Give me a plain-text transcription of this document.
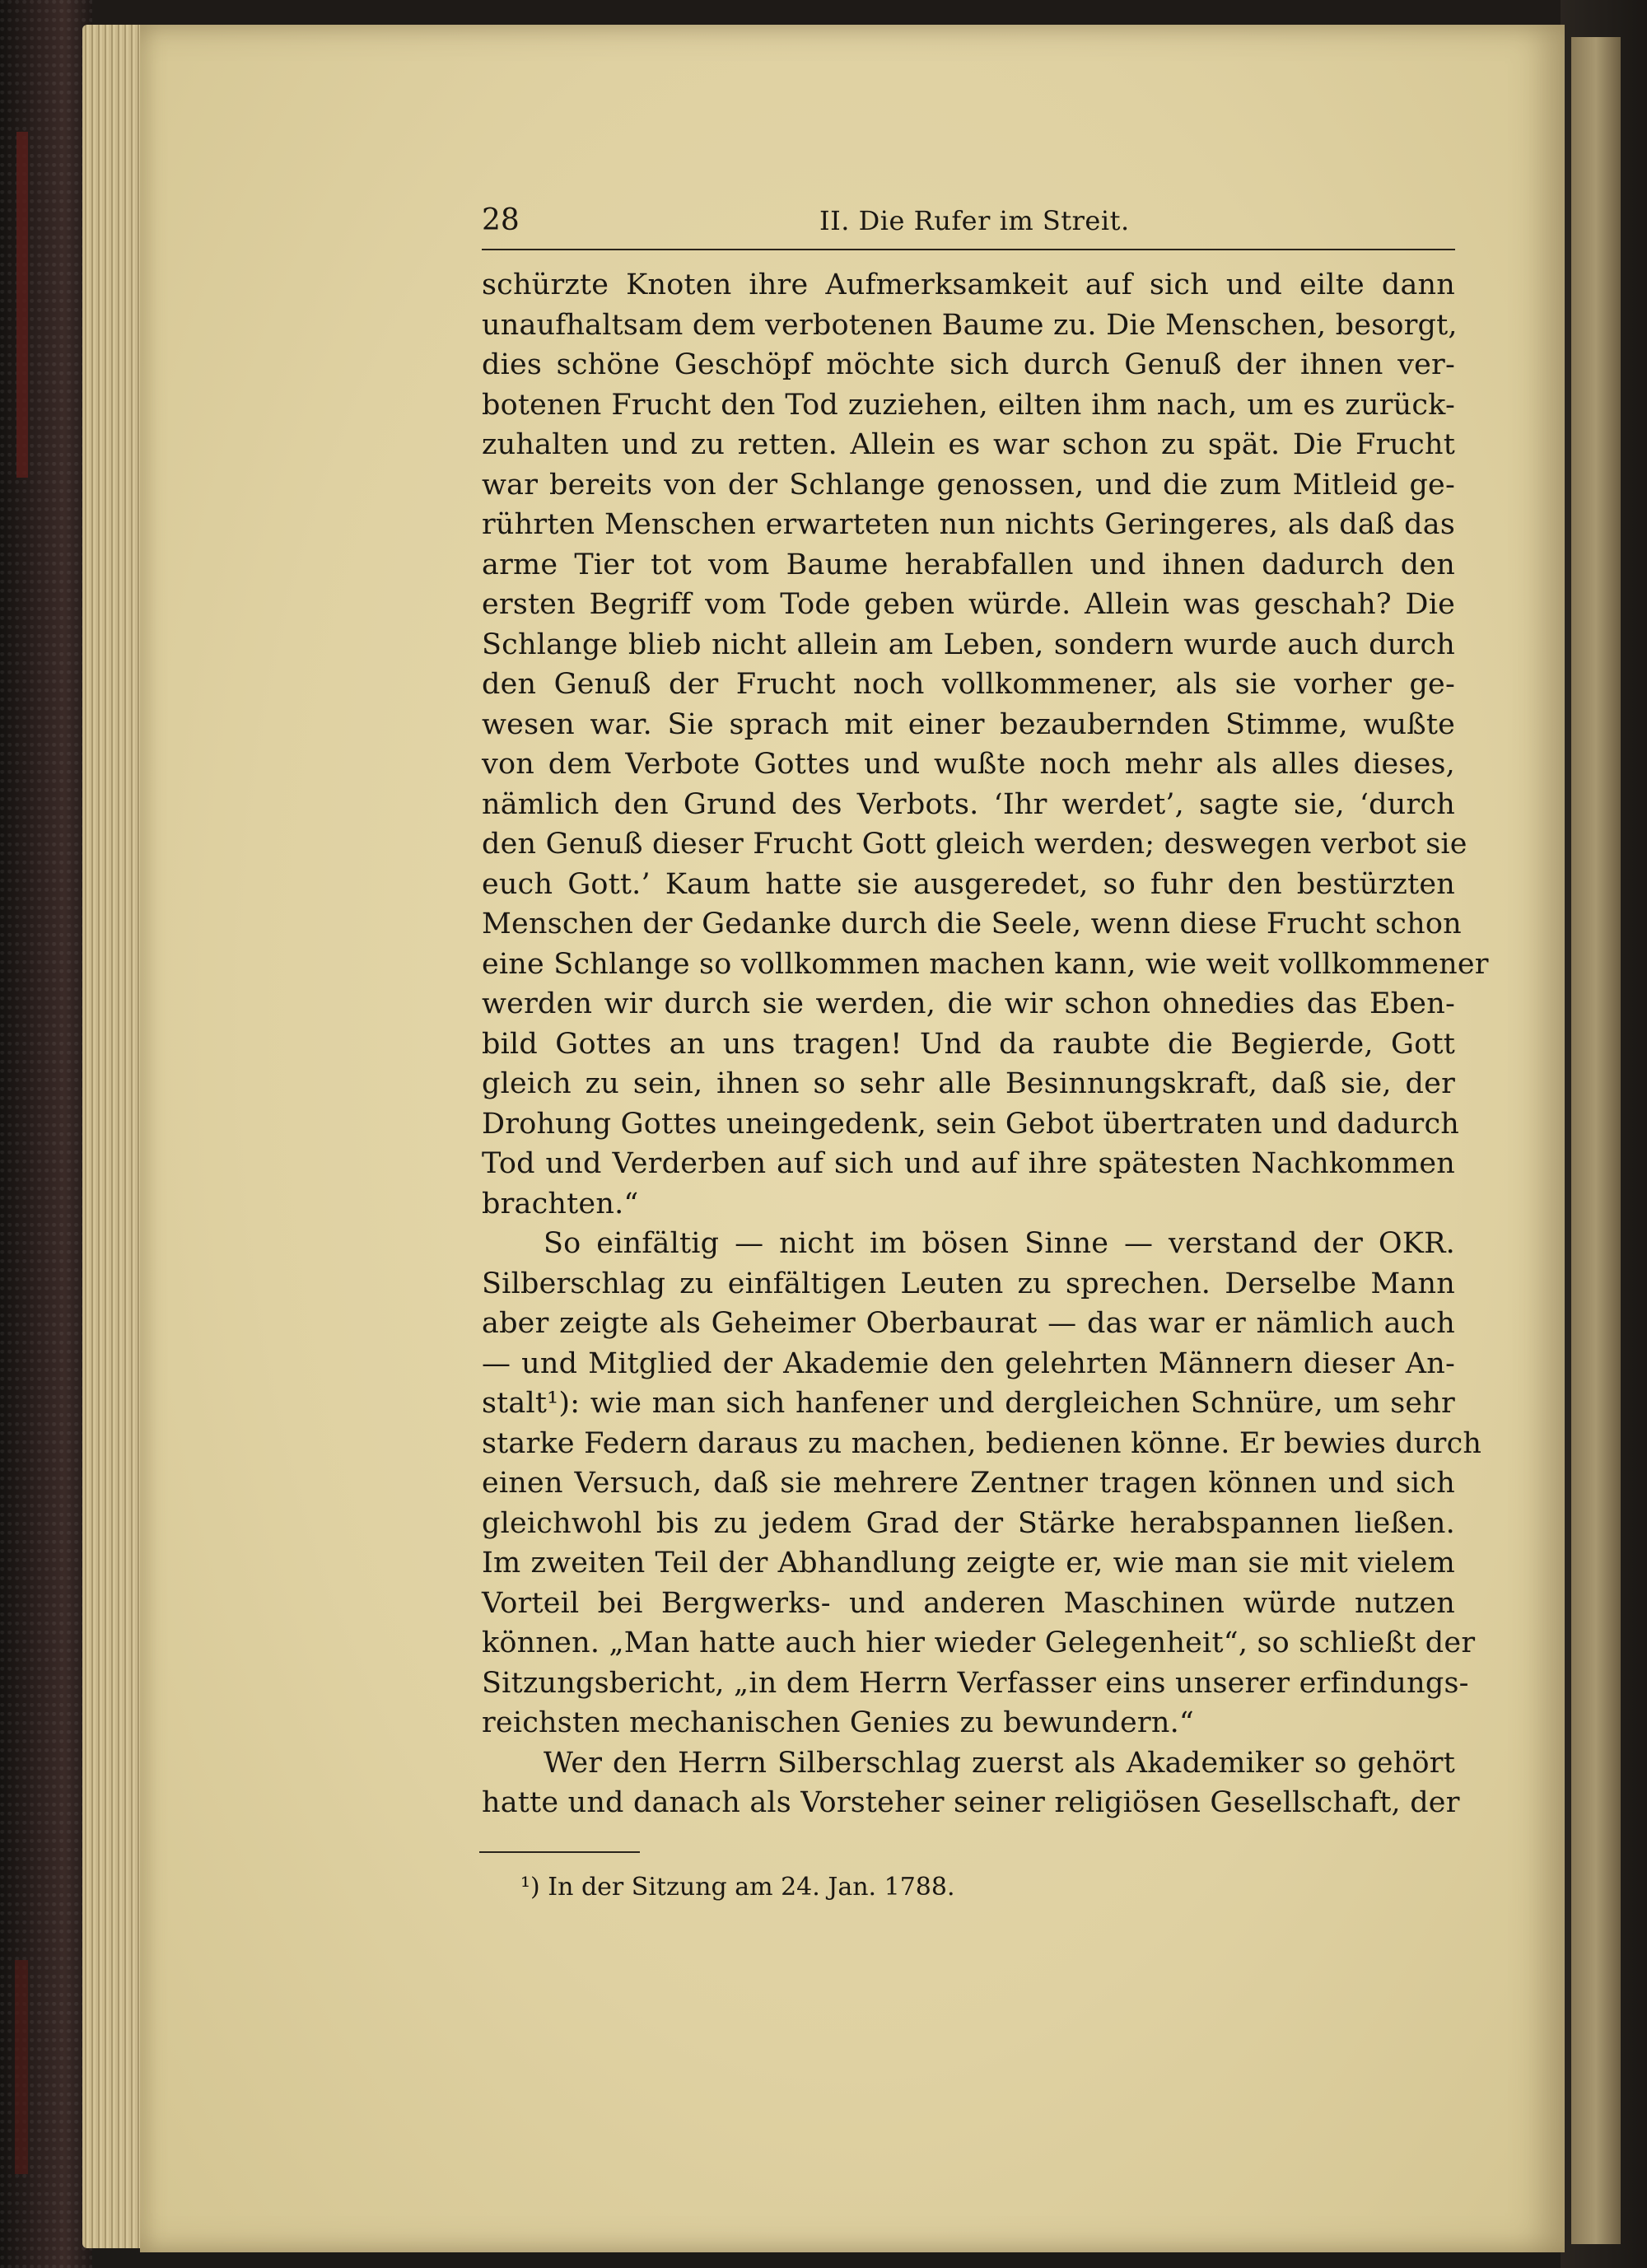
28	II. Die Rufer im Streit.
schürzte Knoten ihre Aufmerksamkeit auf sich und eilte dann
unaufhaltsam dem verbotenen Baume zu. Die Menschen, besorgt,
dies schöne Geschöpf möchte sich durch Genuß der ihnen ver-
botenen Frucht den Tod zuziehen, eilten ihm nach, um es zurück-
zuhalten und zu retten. Allein es war schon zu spät. Die Frucht
war bereits von der Schlange genossen, und die zum Mitleid ge-
rührten Menschen erwarteten nun nichts Geringeres, als daß das
arme Tier tot vom Baume herabfallen und ihnen dadurch den
ersten Begriff vom Tode geben würde. Allein was geschah? Die
Schlange blieb nicht allein am Leben, sondern wurde auch durch
den Genuß der Frucht noch vollkommener, als sie vorher ge-
wesen war. Sie sprach mit einer bezaubernden Stimme, wußte
von dem Verbote Gottes und wußte noch mehr als alles dieses,
nämlich den Grund des Verbots. ‘Ihr werdet’, sagte sie, ‘durch
den Genuß dieser Frucht Gott gleich werden; deswegen verbot sie
euch Gott.’ Kaum hatte sie ausgeredet, so fuhr den bestürzten
Menschen der Gedanke durch die Seele, wenn diese Frucht schon
eine Schlange so vollkommen machen kann, wie weit vollkommener
werden wir durch sie werden, die wir schon ohnedies das Eben-
bild Gottes an uns tragen! Und da raubte die Begierde, Gott
gleich zu sein, ihnen so sehr alle Besinnungskraft, daß sie, der
Drohung Gottes uneingedenk, sein Gebot übertraten und dadurch
Tod und Verderben auf sich und auf ihre spätesten Nachkommen
brachten.“
So einfältig — nicht im bösen Sinne — verstand der OKR.
Silberschlag zu einfältigen Leuten zu sprechen. Derselbe Mann
aber zeigte als Geheimer Oberbaurat — das war er nämlich auch
— und Mitglied der Akademie den gelehrten Männern dieser An-
stalt¹): wie man sich hanfener und dergleichen Schnüre, um sehr
starke Federn daraus zu machen, bedienen könne. Er bewies durch
einen Versuch, daß sie mehrere Zentner tragen können und sich
gleichwohl bis zu jedem Grad der Stärke herabspannen ließen.
Im zweiten Teil der Abhandlung zeigte er, wie man sie mit vielem
Vorteil bei Bergwerks- und anderen Maschinen würde nutzen
können. „Man hatte auch hier wieder Gelegenheit“, so schließt der
Sitzungsbericht, „in dem Herrn Verfasser eins unserer erfindungs-
reichsten mechanischen Genies zu bewundern.“
Wer den Herrn Silberschlag zuerst als Akademiker so gehört
hatte und danach als Vorsteher seiner religiösen Gesellschaft, der
¹) In der Sitzung am 24. Jan. 1788.
